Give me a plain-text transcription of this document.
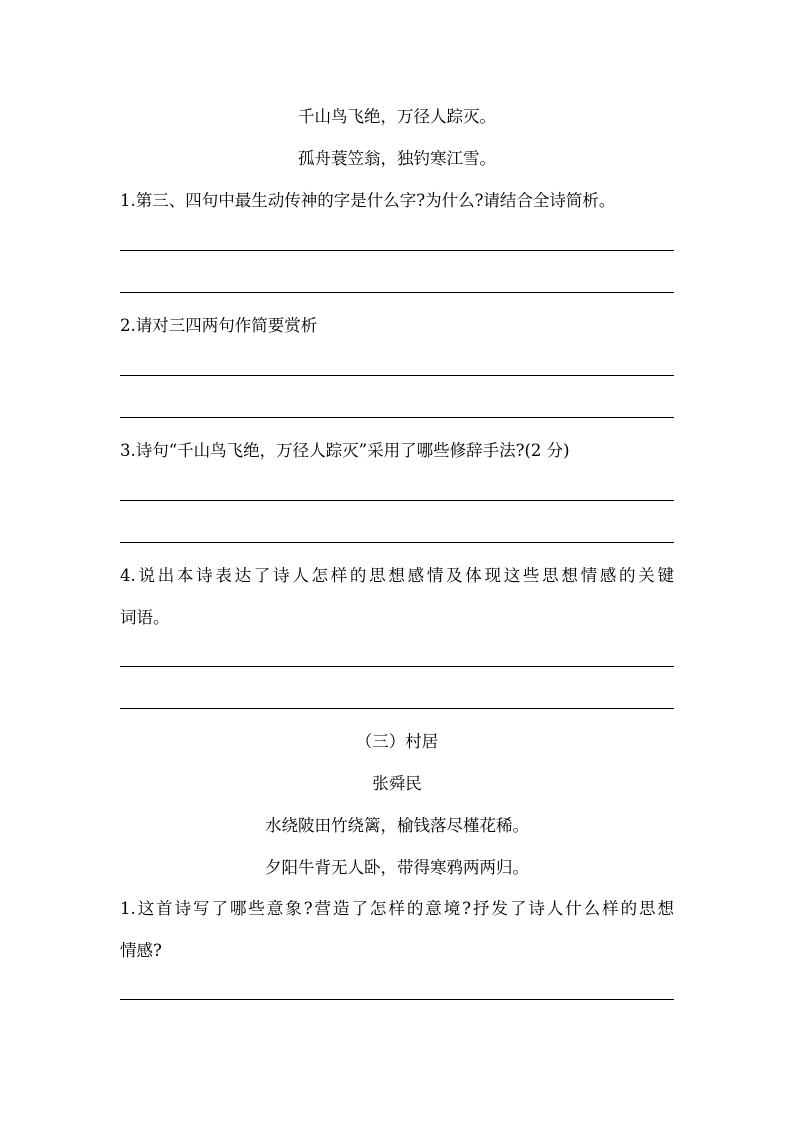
千山鸟飞绝，万径人踪灭。
孤舟蓑笠翁，独钓寒江雪。
1.第三、四句中最生动传神的字是什么字?为什么?请结合全诗简析。
2.请对三四两句作简要赏析
3.诗句“千山鸟飞绝，万径人踪灭”采用了哪些修辞手法?(2 分)
4.说出本诗表达了诗人怎样的思想感情及体现这些思想情感的关键
词语。
（三）村居
张舜民
水绕陂田竹绕篱，榆钱落尽槿花稀。
夕阳牛背无人卧，带得寒鸦两两归。
1.这首诗写了哪些意象?营造了怎样的意境?抒发了诗人什么样的思想
情感?
